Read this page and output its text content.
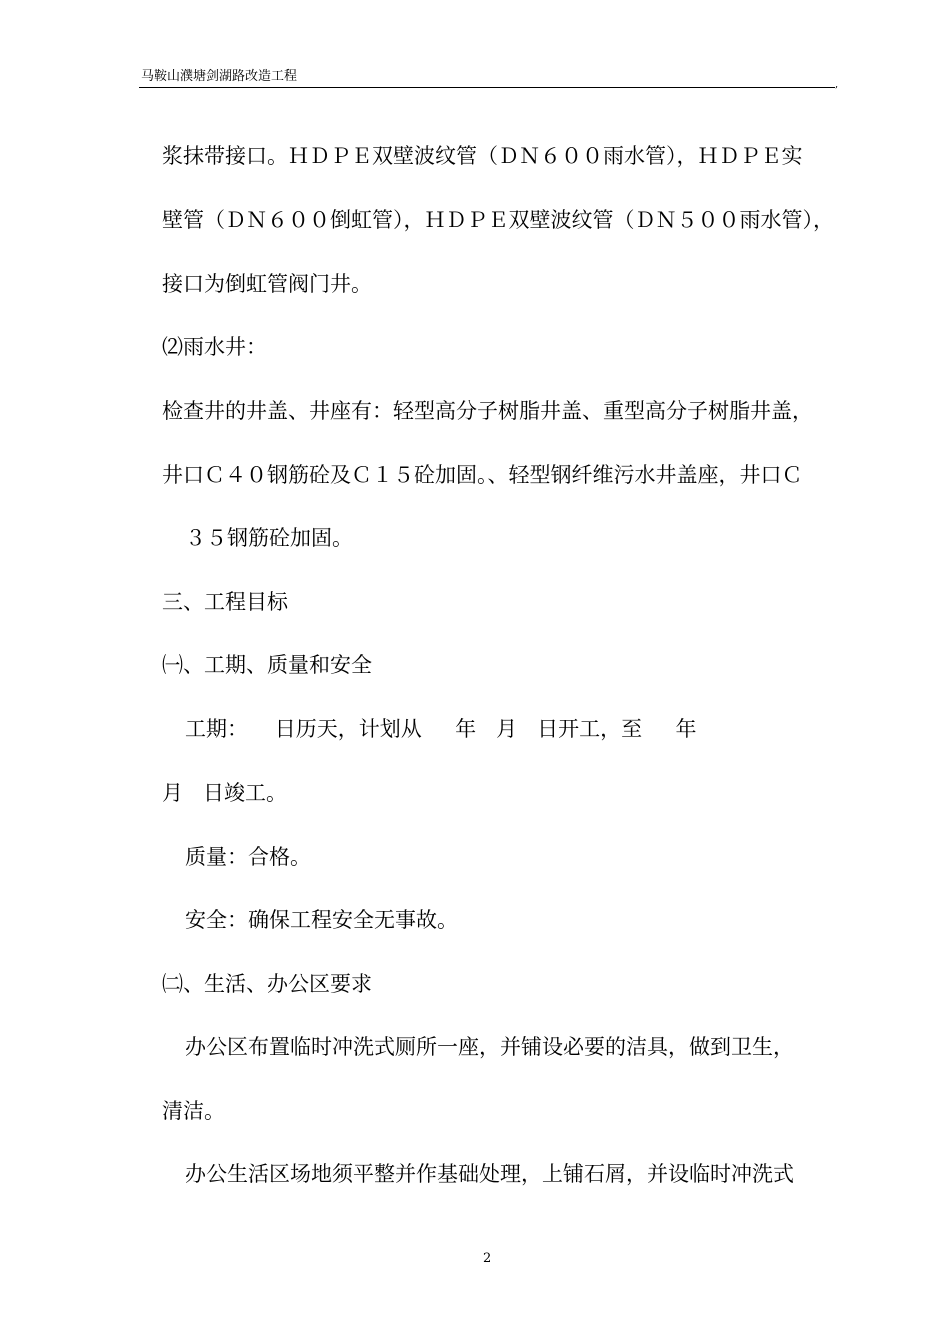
马鞍山濮塘剑湖路改造工程
,
浆抹带接口。ＨＤＰＥ双壁波纹管（ＤＮ６００雨水管），ＨＤＰＥ实
壁管（ＤＮ６００倒虹管），ＨＤＰＥ双壁波纹管（ＤＮ５００雨水管），
接口为倒虹管阀门井。
⑵雨水井：
检查井的井盖、井座有：轻型高分子树脂井盖、重型高分子树脂井盖，
井口Ｃ４０钢筋砼及Ｃ１５砼加固。、轻型钢纤维污水井盖座，井口Ｃ
３５钢筋砼加固。
三、工程目标
㈠、工期、质量和安全
工期：    日历天，计划从     年   月   日开工，至     年
月   日竣工。
质量：合格。
安全：确保工程安全无事故。
㈡、生活、办公区要求
办公区布置临时冲洗式厕所一座，并铺设必要的洁具，做到卫生，
清洁。
办公生活区场地须平整并作基础处理，上铺石屑，并设临时冲洗式
2
